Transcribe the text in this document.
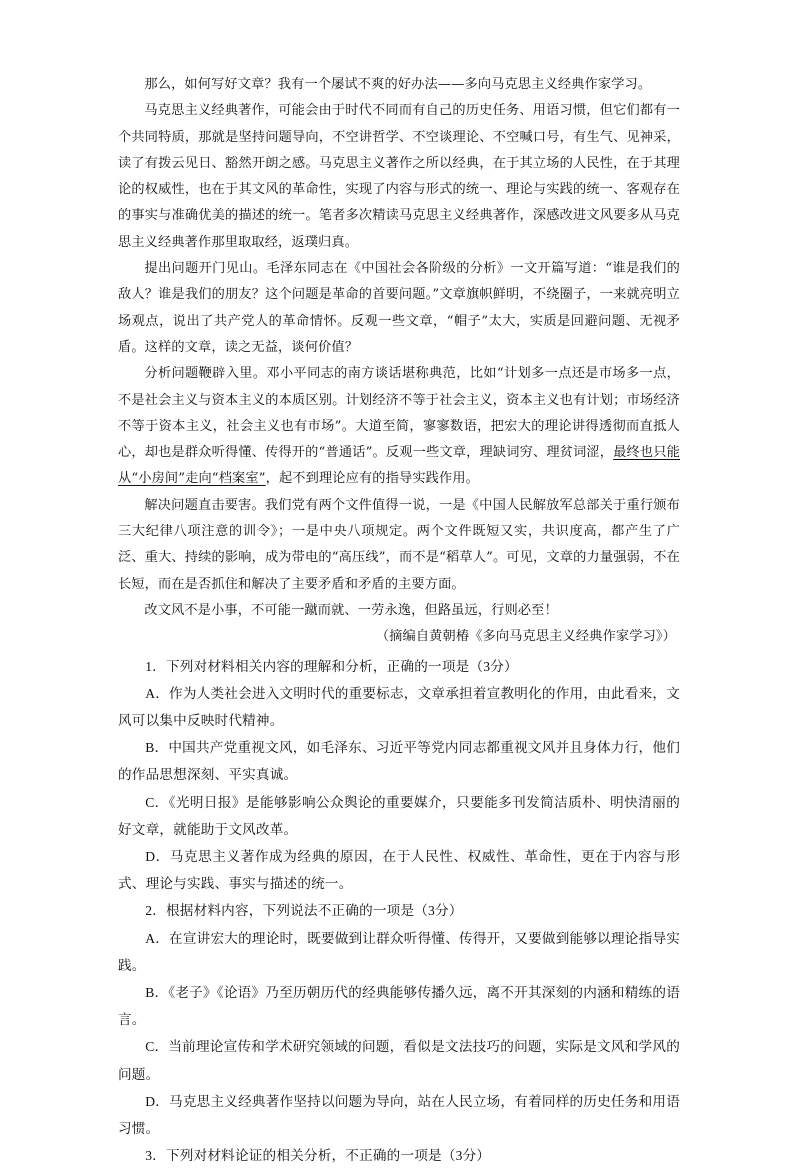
那么，如何写好文章？我有一个屡试不爽的好办法——多向马克思主义经典作家学习。

马克思主义经典著作，可能会由于时代不同而有自己的历史任务、用语习惯，但它们都有一个共同特质，那就是坚持问题导向，不空讲哲学、不空谈理论、不空喊口号，有生气、见神采，读了有拨云见日、豁然开朗之感。马克思主义著作之所以经典，在于其立场的人民性，在于其理论的权威性，也在于其文风的革命性，实现了内容与形式的统一、理论与实践的统一、客观存在的事实与准确优美的描述的统一。笔者多次精读马克思主义经典著作，深感改进文风要多从马克思主义经典著作那里取取经，返璞归真。

提出问题开门见山。毛泽东同志在《中国社会各阶级的分析》一文开篇写道：“谁是我们的敌人？谁是我们的朋友？这个问题是革命的首要问题。”文章旗帜鲜明，不绕圈子，一来就亮明立场观点，说出了共产党人的革命情怀。反观一些文章，“帽子”太大，实质是回避问题、无视矛盾。这样的文章，读之无益，谈何价值？

分析问题鞭辟入里。邓小平同志的南方谈话堪称典范，比如“计划多一点还是市场多一点，不是社会主义与资本主义的本质区别。计划经济不等于社会主义，资本主义也有计划；市场经济不等于资本主义，社会主义也有市场”。大道至简，寥寥数语，把宏大的理论讲得透彻而直抵人心，却也是群众听得懂、传得开的“普通话”。反观一些文章，理缺词穷、理贫词涩，最终也只能从“小房间”走向“档案室”，起不到理论应有的指导实践作用。

解决问题直击要害。我们党有两个文件值得一说，一是《中国人民解放军总部关于重行颁布三大纪律八项注意的训令》；一是中央八项规定。两个文件既短又实，共识度高，都产生了广泛、重大、持续的影响，成为带电的“高压线”，而不是“稻草人”。可见，文章的力量强弱，不在长短，而在是否抓住和解决了主要矛盾和矛盾的主要方面。

改文风不是小事，不可能一蹴而就、一劳永逸，但路虽远，行则必至！

（摘编自黄朝椿《多向马克思主义经典作家学习》）

1．下列对材料相关内容的理解和分析，正确的一项是（3分）

A．作为人类社会进入文明时代的重要标志，文章承担着宣教明化的作用，由此看来，文风可以集中反映时代精神。

B．中国共产党重视文风，如毛泽东、习近平等党内同志都重视文风并且身体力行，他们的作品思想深刻、平实真诚。

C．《光明日报》是能够影响公众舆论的重要媒介，只要能多刊发简洁质朴、明快清丽的好文章，就能助于文风改革。

D．马克思主义著作成为经典的原因，在于人民性、权威性、革命性，更在于内容与形式、理论与实践、事实与描述的统一。

2．根据材料内容，下列说法不正确的一项是（3分）

A．在宣讲宏大的理论时，既要做到让群众听得懂、传得开，又要做到能够以理论指导实践。

B．《老子》《论语》乃至历朝历代的经典能够传播久远，离不开其深刻的内涵和精练的语言。

C．当前理论宣传和学术研究领域的问题，看似是文法技巧的问题，实际是文风和学风的问题。

D．马克思主义经典著作坚持以问题为导向，站在人民立场，有着同样的历史任务和用语习惯。

3．下列对材料论证的相关分析，不正确的一项是（3分）
